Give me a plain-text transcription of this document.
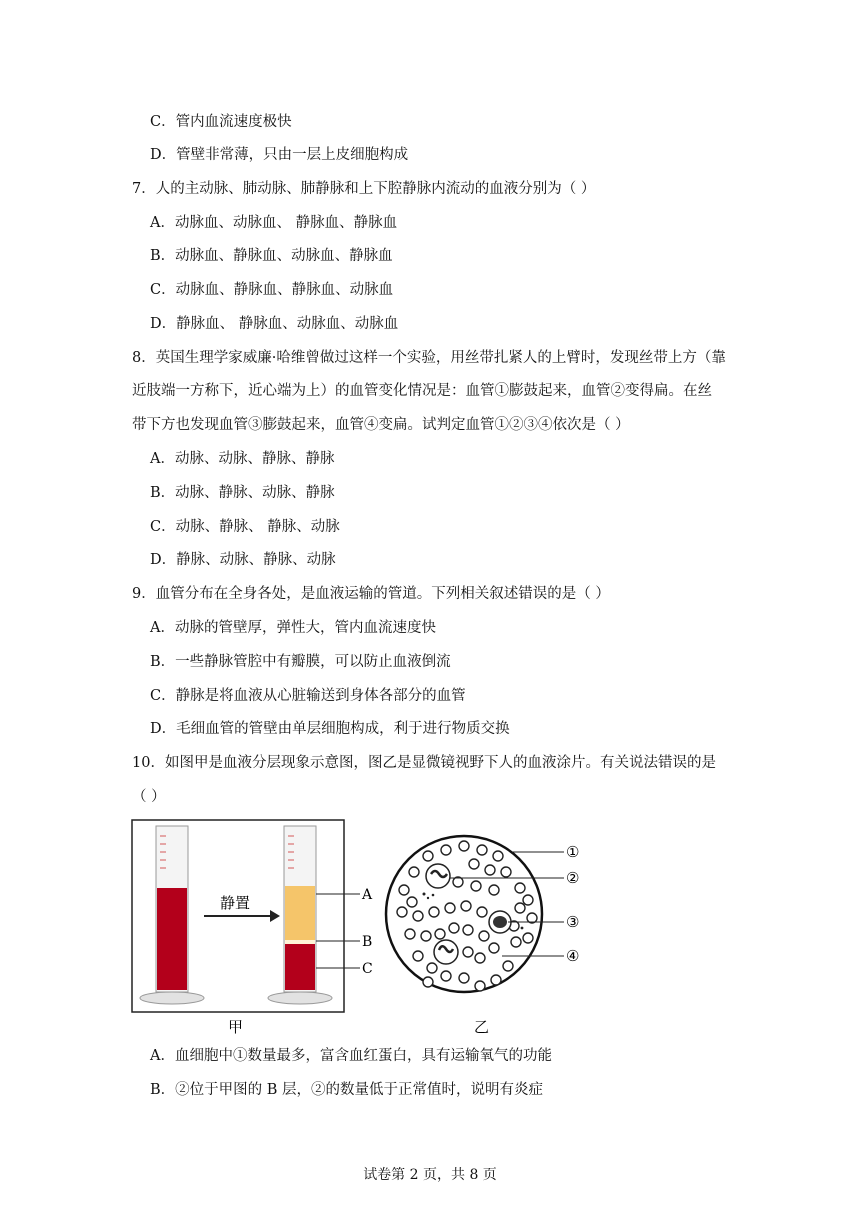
C．管内血流速度极快
D．管壁非常薄，只由一层上皮细胞构成
7．人的主动脉、肺动脉、肺静脉和上下腔静脉内流动的血液分别为（ ）
A．动脉血、动脉血、 静脉血、静脉血
B．动脉血、静脉血、动脉血、静脉血
C．动脉血、静脉血、静脉血、动脉血
D．静脉血、 静脉血、动脉血、动脉血
8．英国生理学家威廉·哈维曾做过这样一个实验，用丝带扎紧人的上臂时，发现丝带上方（靠
近肢端一方称下，近心端为上）的血管变化情况是：血管①膨鼓起来，血管②变得扁。在丝
带下方也发现血管③膨鼓起来，血管④变扁。试判定血管①②③④依次是（ ）
A．动脉、动脉、静脉、静脉
B．动脉、静脉、动脉、静脉
C．动脉、静脉、 静脉、动脉
D．静脉、动脉、静脉、动脉
9．血管分布在全身各处，是血液运输的管道。下列相关叙述错误的是（ ）
A．动脉的管壁厚，弹性大，管内血流速度快
B．一些静脉管腔中有瓣膜，可以防止血液倒流
C．静脉是将血液从心脏输送到身体各部分的血管
D．毛细血管的管壁由单层细胞构成，利于进行物质交换
10．如图甲是血液分层现象示意图，图乙是显微镜视野下人的血液涂片。有关说法错误的是
（ ）
A．血细胞中①数量最多，富含血红蛋白，具有运输氧气的功能
B．②位于甲图的 B 层，②的数量低于正常值时，说明有炎症
静置	A
B
C
①
②
③
④
甲	乙
试卷第 2 页，共 8 页
